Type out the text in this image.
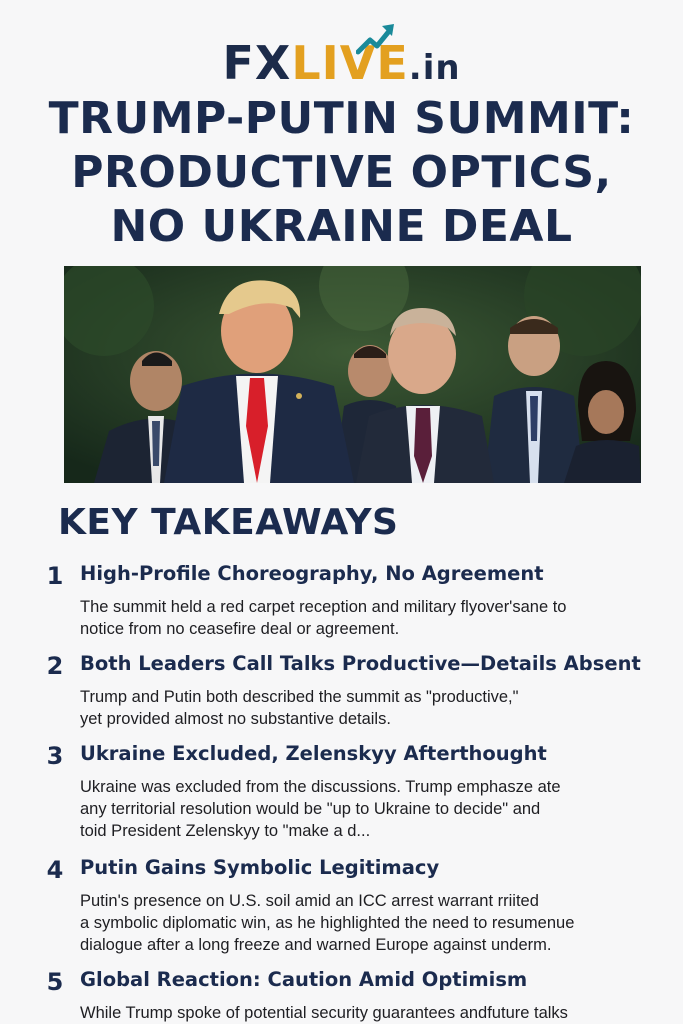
FX LIVE .in
TRUMP-PUTIN SUMMIT:
PRODUCTIVE OPTICS,
NO UKRAINE DEAL
KEY TAKEAWAYS
1 High-Profile Choreography, No Agreement
The summit held a red carpet reception and military flyover'sane to
notice from no ceasefire deal or agreement.
2 Both Leaders Call Talks Productive—Details Absent
Trump and Putin both described the summit as "productive,"
yet provided almost no substantive details.
3 Ukraine Excluded, Zelenskyy Afterthought
Ukraine was excluded from the discussions. Trump emphasze ate
any territorial resolution would be "up to Ukraine to decide" and
toid President Zelenskyy to "make a d...
4 Putin Gains Symbolic Legitimacy
Putin's presence on U.S. soil amid an ICC arrest warrant rriited
a symbolic diplomatic win, as he highlighted the need to resumenue
dialogue after a long freeze and warned Europe against underm.
5 Global Reaction: Caution Amid Optimism
While Trump spoke of potential security guarantees andfuture talks
